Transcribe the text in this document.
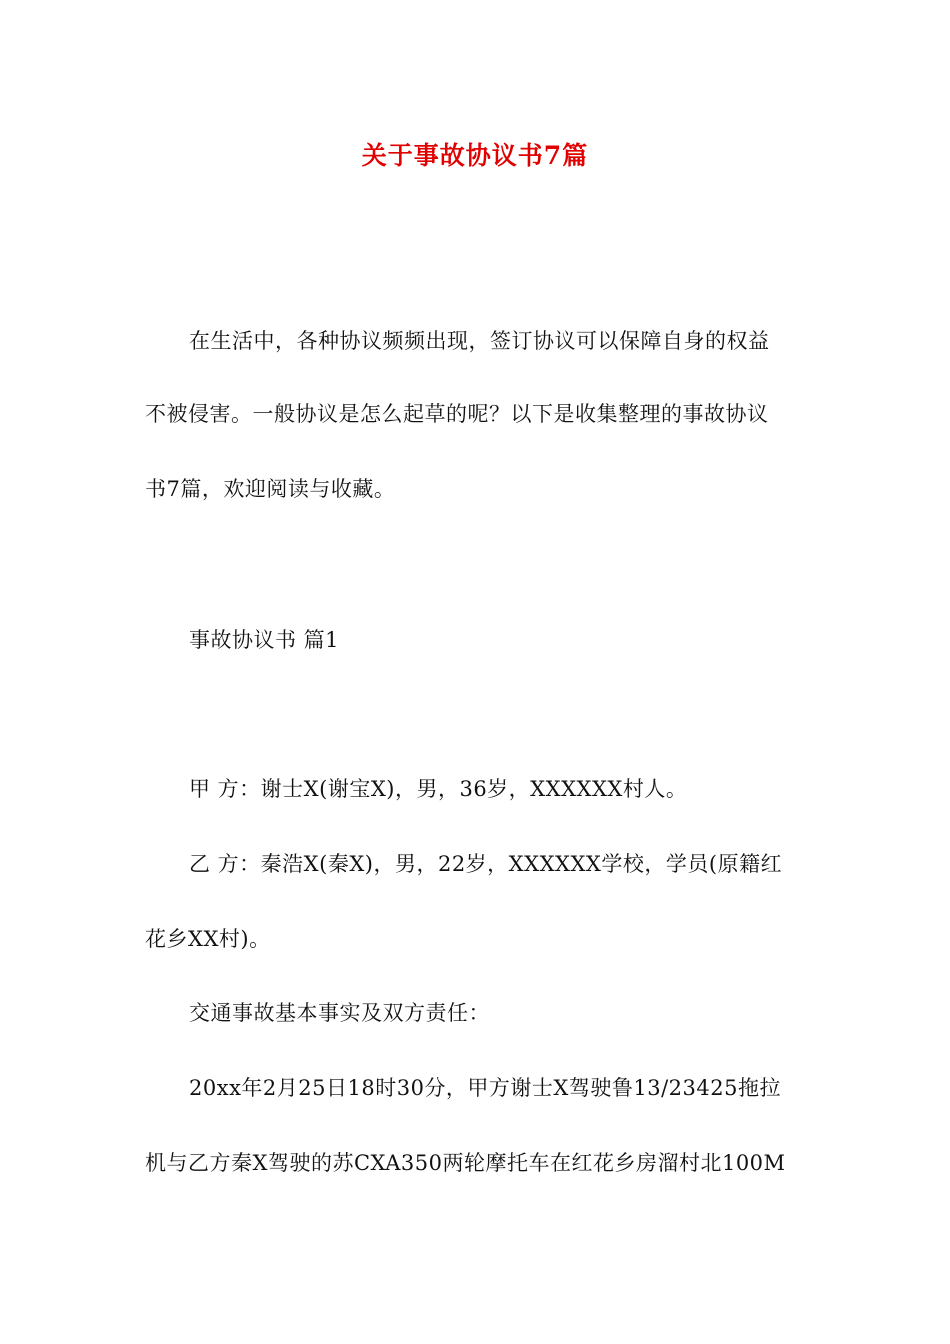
关于事故协议书7篇
在生活中，各种协议频频出现，签订协议可以保障自身的权益
不被侵害。一般协议是怎么起草的呢？以下是收集整理的事故协议
书7篇，欢迎阅读与收藏。
事故协议书 篇1
甲 方：谢士X(谢宝X)，男，36岁，XXXXXX村人。
乙 方：秦浩X(秦X)，男，22岁，XXXXXX学校，学员(原籍红
花乡XX村)。
交通事故基本事实及双方责任：
20xx年2月25日18时30分，甲方谢士X驾驶鲁13/23425拖拉
机与乙方秦X驾驶的苏CXA350两轮摩托车在红花乡房溜村北100M
